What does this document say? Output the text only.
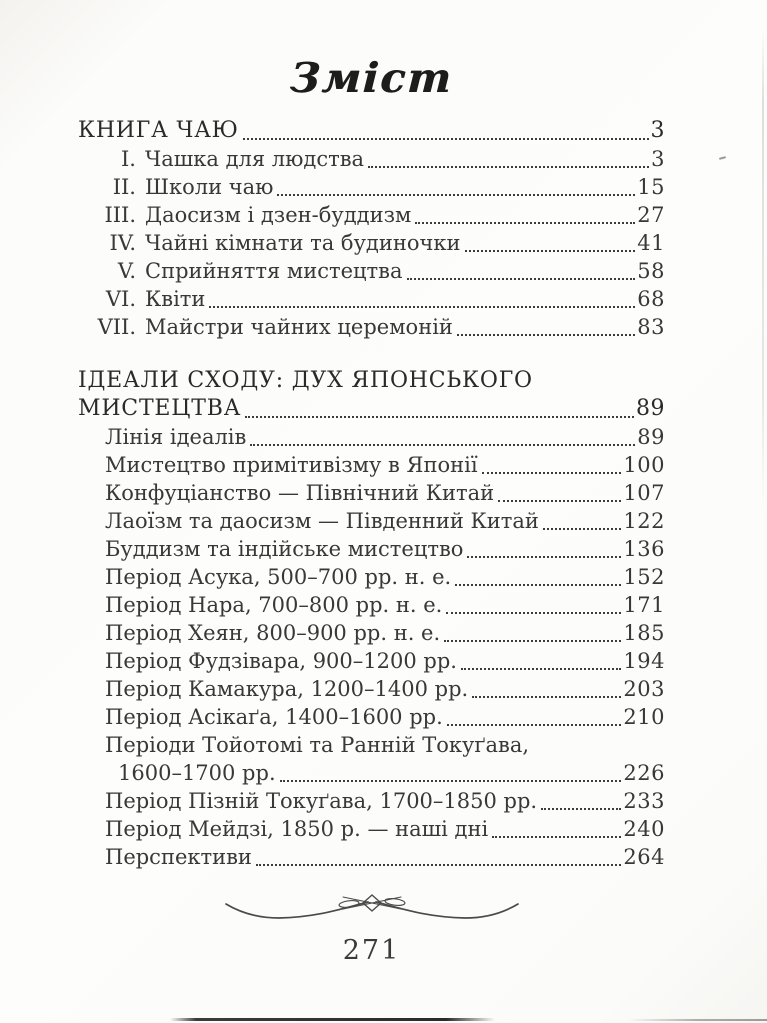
Зміст
КНИГА ЧАЮ	3
I. Чашка для людства	3
II. Школи чаю	15
III. Даосизм і дзен-буддизм	27
IV. Чайні кімнати та будиночки	41
V. Сприйняття мистецтва	58
VI. Квіти	68
VII. Майстри чайних церемоній	83
ІДЕАЛИ СХОДУ: ДУХ ЯПОНСЬКОГО
МИСТЕЦТВА	89
Лінія ідеалів	89
Мистецтво примітивізму в Японії	100
Конфуціанство — Північний Китай	107
Лаоїзм та даосизм — Південний Китай	122
Буддизм та індійське мистецтво	136
Період Асука, 500–700 рр. н. е.	152
Період Нара, 700–800 рр. н. е.	171
Період Хеян, 800–900 рр. н. е.	185
Період Фудзівара, 900–1200 рр.	194
Період Камакура, 1200–1400 рр.	203
Період Асікаґа, 1400–1600 рр.	210
Періоди Тойотомі та Ранній Токуґава,
1600–1700 рр.	226
Період Пізній Токуґава, 1700–1850 рр.	233
Період Мейдзі, 1850 р. — наші дні	240
Перспективи	264
271
